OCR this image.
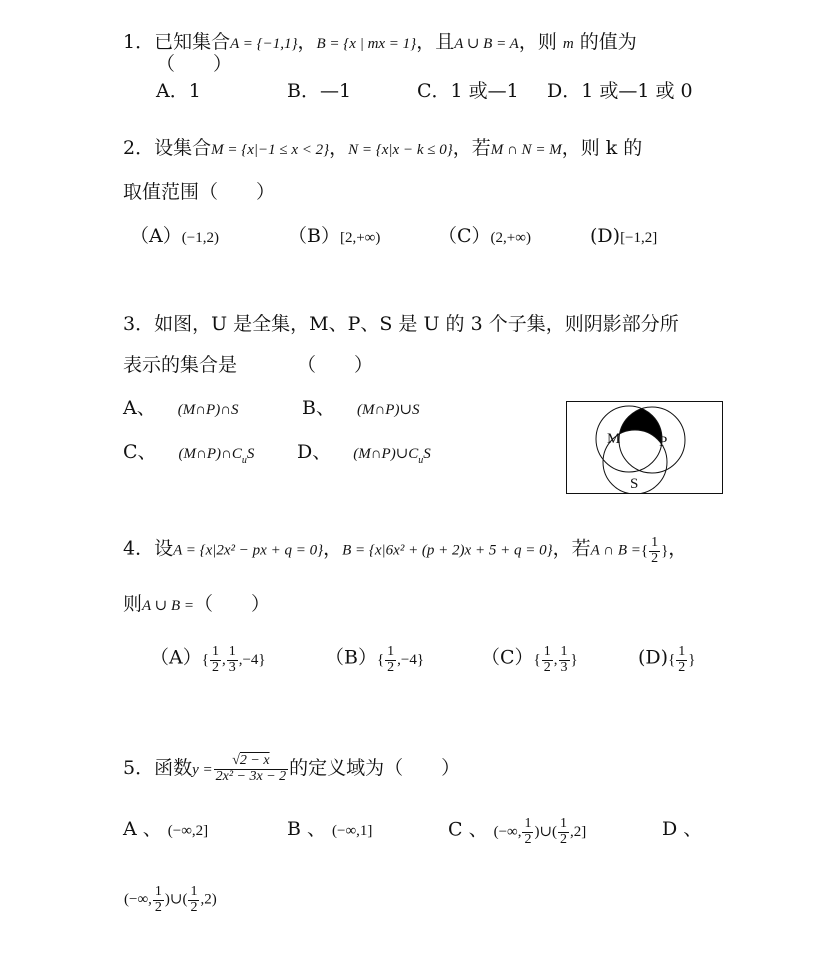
1．已知集合A = {−1,1}，B = {x | mx = 1}，且A ∪ B = A，则 m 的值为
（　　）
A．1	B．—1	C．1 或—1 D．1 或—1 或 0
2．设集合M = {x|−1 ≤ x < 2}，N = {x|x − k ≤ 0}，若M ∩ N = M，则 k 的
取值范围（　　）
（A）(−1,2)	（B）[2,+∞)	（C）(2,+∞)	(D)[−1,2]
3．如图，U 是全集，M、P、S 是 U 的 3 个子集，则阴影部分所
表示的集合是	（　　）
A、 (M∩P)∩S	B、 (M∩P)∪S
C、 $(M\cap P)\cap C_uS$ D、 $(M\cap P)\cup C_uS$
M	P
S
4．设A = {x|2x² − px + q = 0}，B = {x|6x² + (p + 2)x + 5 + q = 0}，若A ∩ B ={ $\frac{1}{2}$ }，
则A ∪ B =（　　）
$(A)\{ \frac{1}{2}$ , $\frac{1}{3} ,-4$}	$(B)\{ \frac{1}{2} ,-4\}$	$(C)\{ \frac{1}{2}$ , $\frac{1}{3}$ }	$(D)\{ \frac{1}{2}$ }
5．函数$y = \frac{√2 - x}{\text{2x² − 3x − 2}}$ 的定义域为（　　）
A 、 (−∞,2]	B 、 (−∞,1]	C 、 (−∞, $\frac{1}{2}$ )∪( $\frac{1}{2} ,2$]	D 、
(−∞, $\frac{1}{2}$ )∪( $\frac{1}{2} ,2$)
